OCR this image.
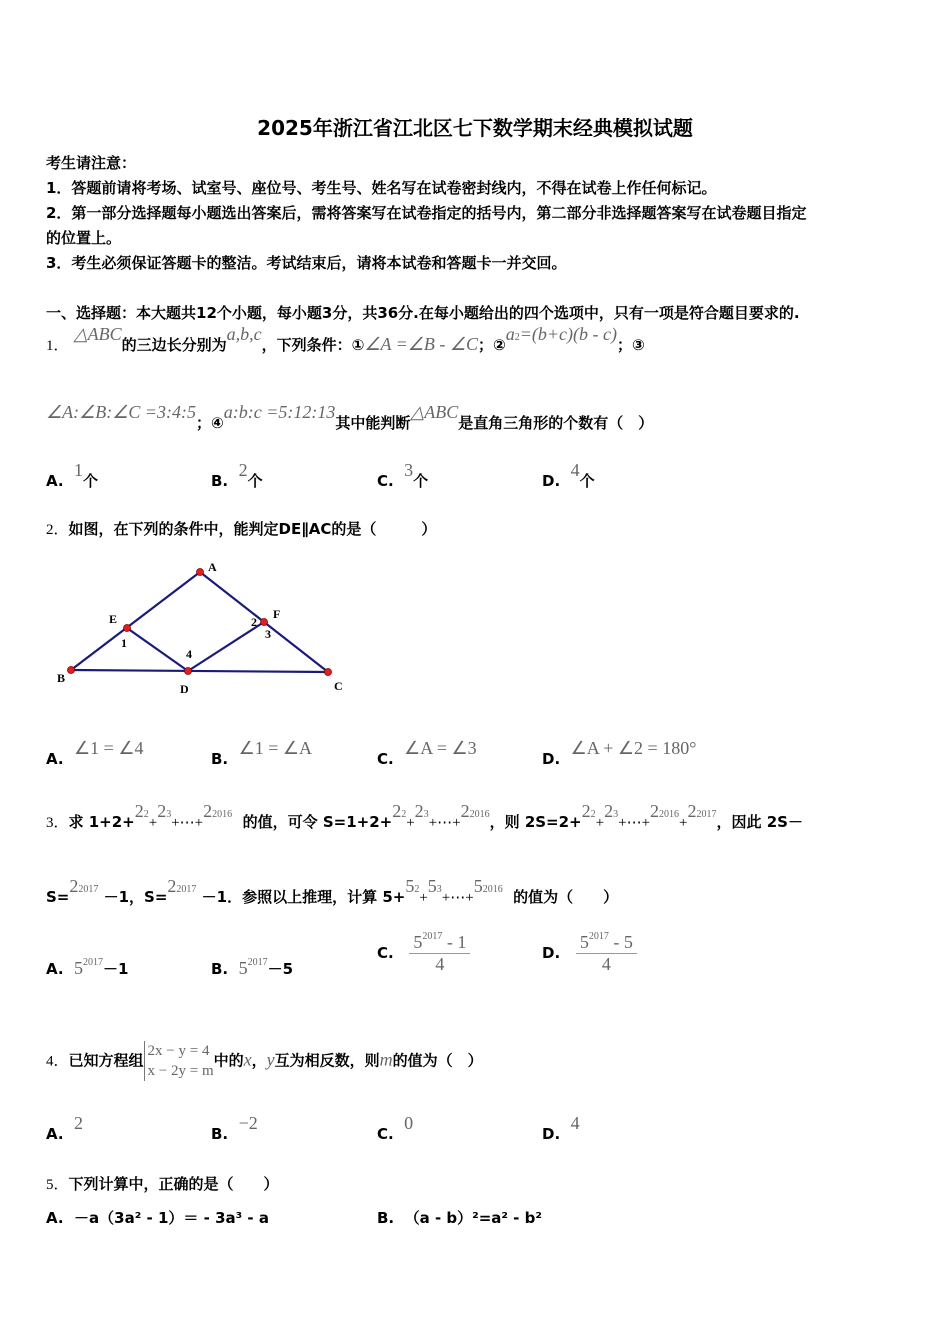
2025年浙江省江北区七下数学期末经典模拟试题
考生请注意：
1．答题前请将考场、试室号、座位号、考生号、姓名写在试卷密封线内，不得在试卷上作任何标记。
2．第一部分选择题每小题选出答案后，需将答案写在试卷指定的括号内，第二部分非选择题答案写在试卷题目指定
的位置上。
3．考生必须保证答题卡的整洁。考试结束后，请将本试卷和答题卡一并交回。
一、选择题：本大题共12个小题，每小题3分，共36分.在每小题给出的四个选项中，只有一项是符合题目要求的.
1． △ABC的三边长分别为a,b,c，下列条件：①∠A =∠B - ∠C；$②a^2=(b+c)(b - c)$；③
∠A:∠B:∠C =3:4:5；④a:b:c =5:12:13其中能判断△ABC是直角三角形的个数有（　）
A.  1个	B.  2个	C.  3个	D.  4个
2．如图，在下列的条件中，能判定DE∥AC的是（　　　）
A
E	F
B
D	C
1
2
3
4
A.  ∠1 = ∠4
B.  ∠1 = ∠A
C.  ∠A = ∠3
D.  ∠A + ∠2 = 180°
3．求 $1+2+2^2+2^3+\cdots+2^{2016}$ 的值，可令 $S=1+2+2^2+2^3+\cdots+2^{2016}$，则 $2S=2+2^2+2^3+\cdots+2^{2016}+2^{2017}$，因此 2S－
$S=2^{2017} -1$，$S=2^{2017} -1$．参照以上推理，计算 $5+5^2+5^3+\cdots+5^{2016}$ 的值为（　　）
A. $5^{2017}-1$	B. $5^{2017}-5$
C. $\frac{5^{2017} - 1}{4}$	D. $\frac{5^{2017} - 5}{4}$
4．已知方程组
2x − y = 4
x − 2y = m
中的x，y互为相反数，则m的值为（　）
A.  2
B.  −2
C.  0
D.  4
5．下列计算中，正确的是（　　）
A. －a（3a² - 1）＝ - 3a³ - a	B. （a - b）²=a² - b²
